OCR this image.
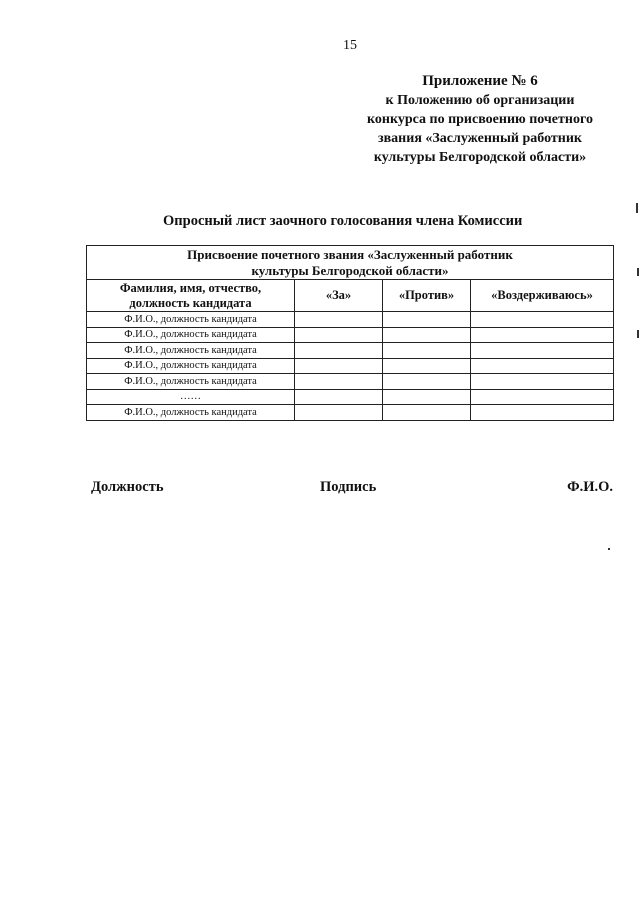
15
Приложение № 6
к Положению об организации
конкурса по присвоению почетного
звания «Заслуженный работник
культуры Белгородской области»
Опросный лист заочного голосования члена Комиссии
Присвоение почетного звания «Заслуженный работник
культуры Белгородской области»			

Фамилия, имя, отчество,
должность кандидата	«За»	«Против»	«Воздерживаюсь»
Ф.И.О., должность кандидата			
Ф.И.О., должность кандидата			
Ф.И.О., должность кандидата			
Ф.И.О., должность кандидата			
Ф.И.О., должность кандидата			
……			
Ф.И.О., должность кандидата			
Должность	Подпись	Ф.И.О.
